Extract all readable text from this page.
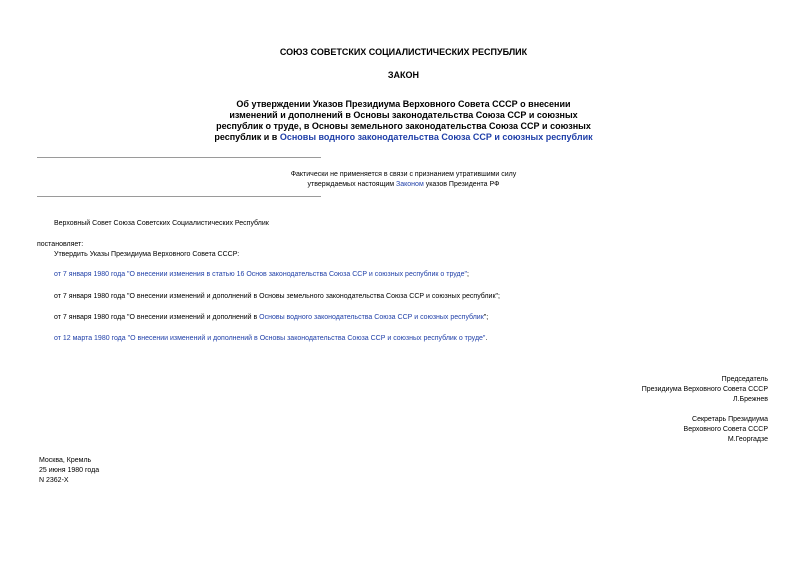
СОЮЗ СОВЕТСКИХ СОЦИАЛИСТИЧЕСКИХ РЕСПУБЛИК
ЗАКОН
Об утверждении Указов Президиума Верховного Совета СССР о внесении
изменений и дополнений в Основы законодательства Союза ССР и союзных
республик о труде, в Основы земельного законодательства Союза ССР и союзных
республик и в Основы водного законодательства Союза ССР и союзных республик
Фактически не применяется в связи с признанием утратившими силу
утверждаемых настоящим Законом указов Президента РФ
Верховный Совет Союза Советских Социалистических Республик
постановляет:
Утвердить Указы Президиума Верховного Совета СССР:
от 7 января 1980 года "О внесении изменения в статью 16 Основ законодательства Союза ССР и союзных республик о труде";
от 7 января 1980 года "О внесении изменений и дополнений в Основы земельного законодательства Союза ССР и союзных республик";
от 7 января 1980 года "О внесении изменений и дополнений в Основы водного законодательства Союза ССР и союзных республик";
от 12 марта 1980 года "О внесении изменений и дополнений в Основы законодательства Союза ССР и союзных республик о труде".
Председатель
Президиума Верховного Совета СССР
Л.Брежнев
Секретарь Президиума
Верховного Совета СССР
М.Георгадзе
Москва, Кремль
25 июня 1980 года
N 2362-X
